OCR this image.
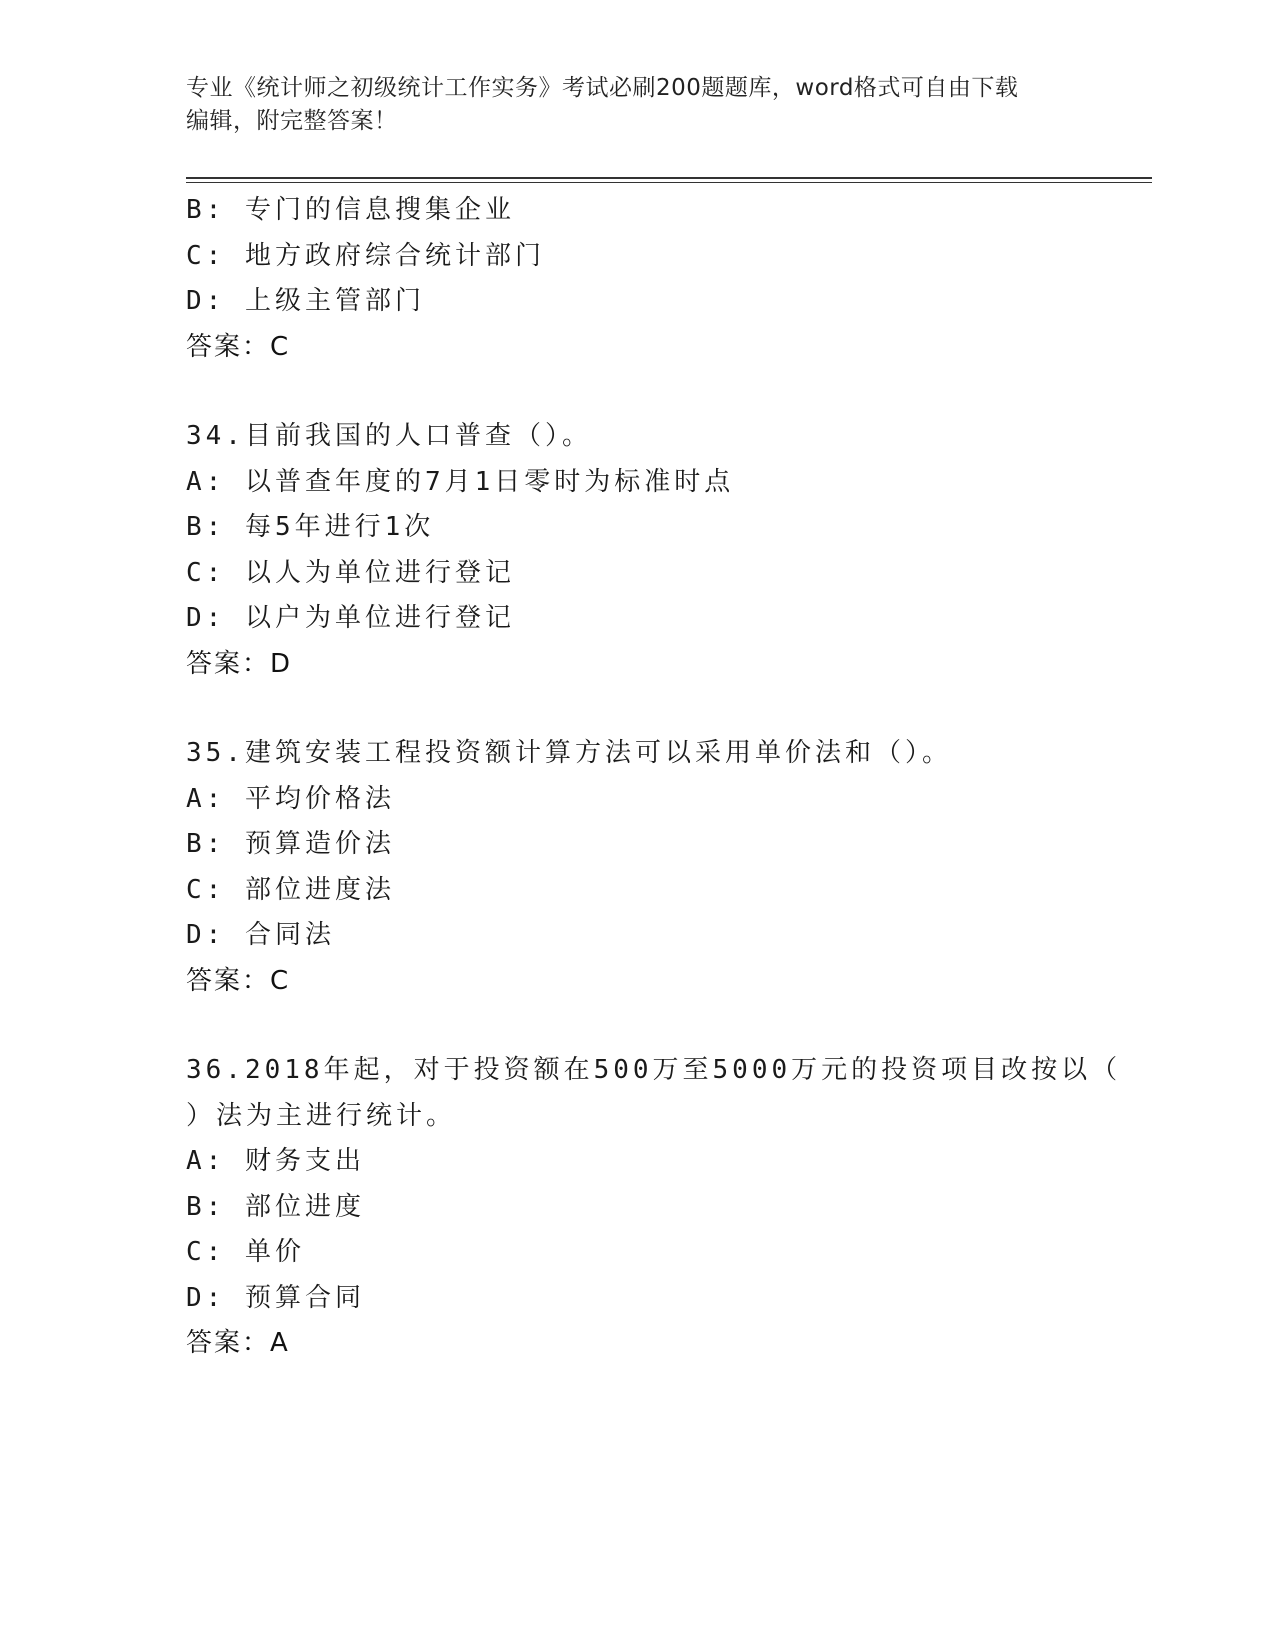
专业《统计师之初级统计工作实务》考试必刷200题题库，word格式可自由下载
编辑，附完整答案！
B: 专门的信息搜集企业
C: 地方政府综合统计部门
D: 上级主管部门
答案：C
34.目前我国的人口普查（）。
A: 以普查年度的7月1日零时为标准时点
B: 每5年进行1次
C: 以人为单位进行登记
D: 以户为单位进行登记
答案：D
35.建筑安装工程投资额计算方法可以采用单价法和（）。
A: 平均价格法
B: 预算造价法
C: 部位进度法
D: 合同法
答案：C
36.2018年起，对于投资额在500万至5000万元的投资项目改按以（
）法为主进行统计。
A: 财务支出
B: 部位进度
C: 单价
D: 预算合同
答案：A
